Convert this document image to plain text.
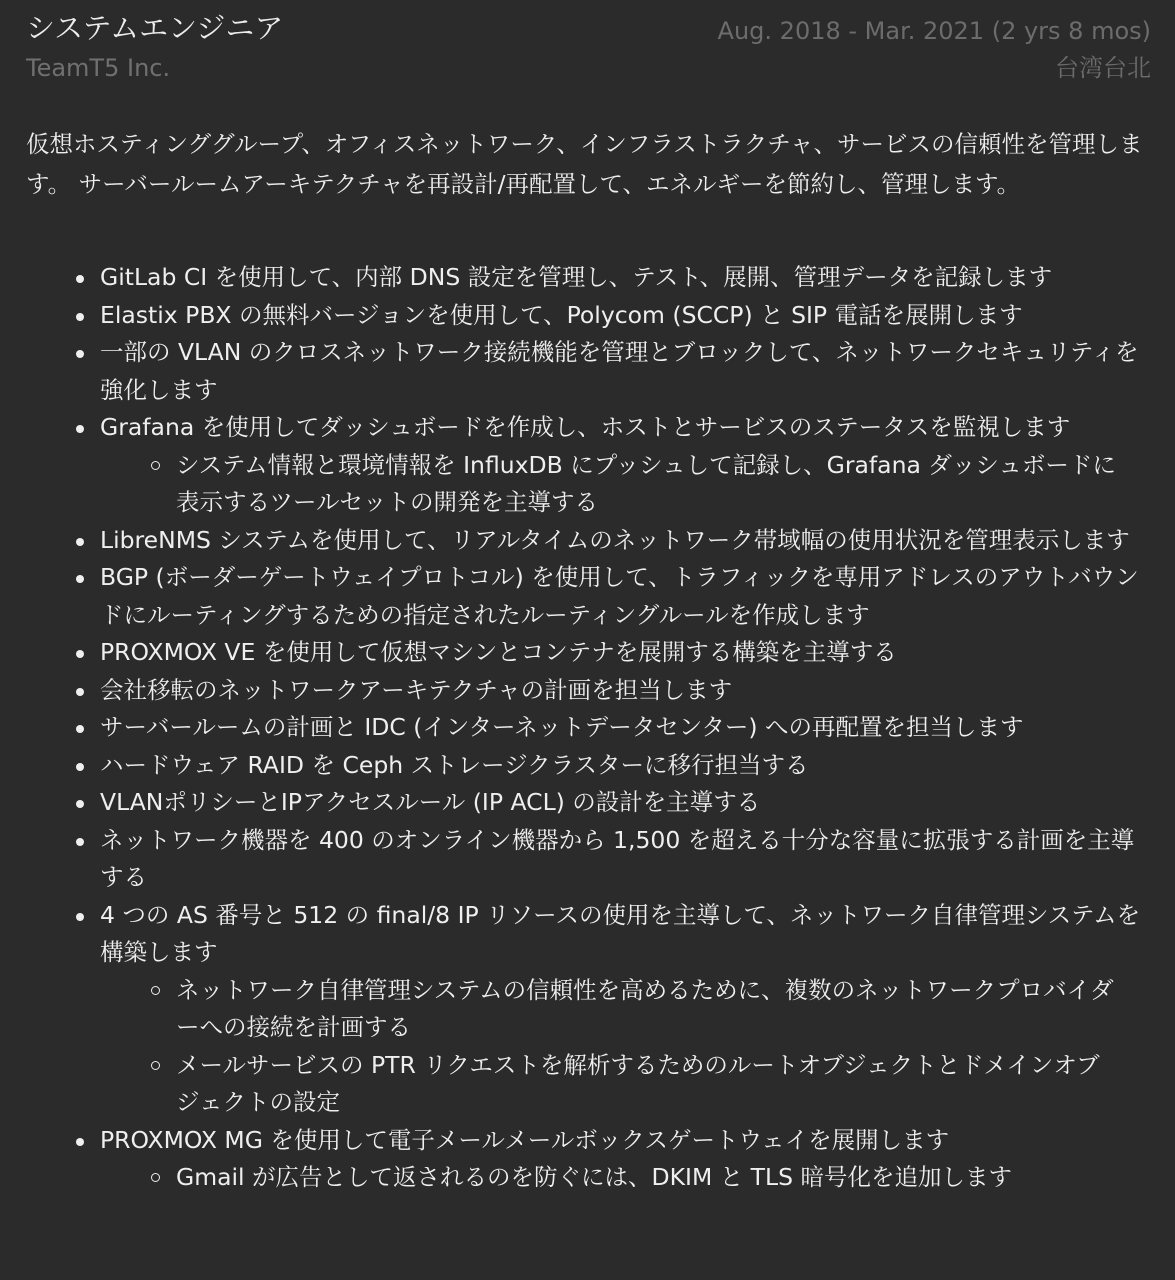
システムエンジニア
TeamT5 Inc.
Aug. 2018 - Mar. 2021 (2 yrs 8 mos)
台湾台北

仮想ホスティンググループ、オフィスネットワーク、インフラストラクチャ、サービスの信頼性を管理します。 サーバールームアーキテクチャを再設計/再配置して、エネルギーを節約し、管理します。

GitLab CI を使用して、内部 DNS 設定を管理し、テスト、展開、管理データを記録します
Elastix PBX の無料バージョンを使用して、Polycom (SCCP) と SIP 電話を展開します
一部の VLAN のクロスネットワーク接続機能を管理とブロックして、ネットワークセキュリティを強化します
Grafana を使用してダッシュボードを作成し、ホストとサービスのステータスを監視します
システム情報と環境情報を InfluxDB にプッシュして記録し、Grafana ダッシュボードに表示するツールセットの開発を主導する
LibreNMS システムを使用して、リアルタイムのネットワーク帯域幅の使用状況を管理表示します
BGP (ボーダーゲートウェイプロトコル) を使用して、トラフィックを専用アドレスのアウトバウンドにルーティングするための指定されたルーティングルールを作成します
PROXMOX VE を使用して仮想マシンとコンテナを展開する構築を主導する
会社移転のネットワークアーキテクチャの計画を担当します
サーバールームの計画と IDC (インターネットデータセンター) への再配置を担当します
ハードウェア RAID を Ceph ストレージクラスターに移行担当する
VLANポリシーとIPアクセスルール (IP ACL) の設計を主導する
ネットワーク機器を 400 のオンライン機器から 1,500 を超える十分な容量に拡張する計画を主導する
4 つの AS 番号と 512 の final/8 IP リソースの使用を主導して、ネットワーク自律管理システムを構築します
ネットワーク自律管理システムの信頼性を高めるために、複数のネットワークプロバイダーへの接続を計画する
メールサービスの PTR リクエストを解析するためのルートオブジェクトとドメインオブジェクトの設定
PROXMOX MG を使用して電子メールメールボックスゲートウェイを展開します
Gmail が広告として返されるのを防ぐには、DKIM と TLS 暗号化を追加します
